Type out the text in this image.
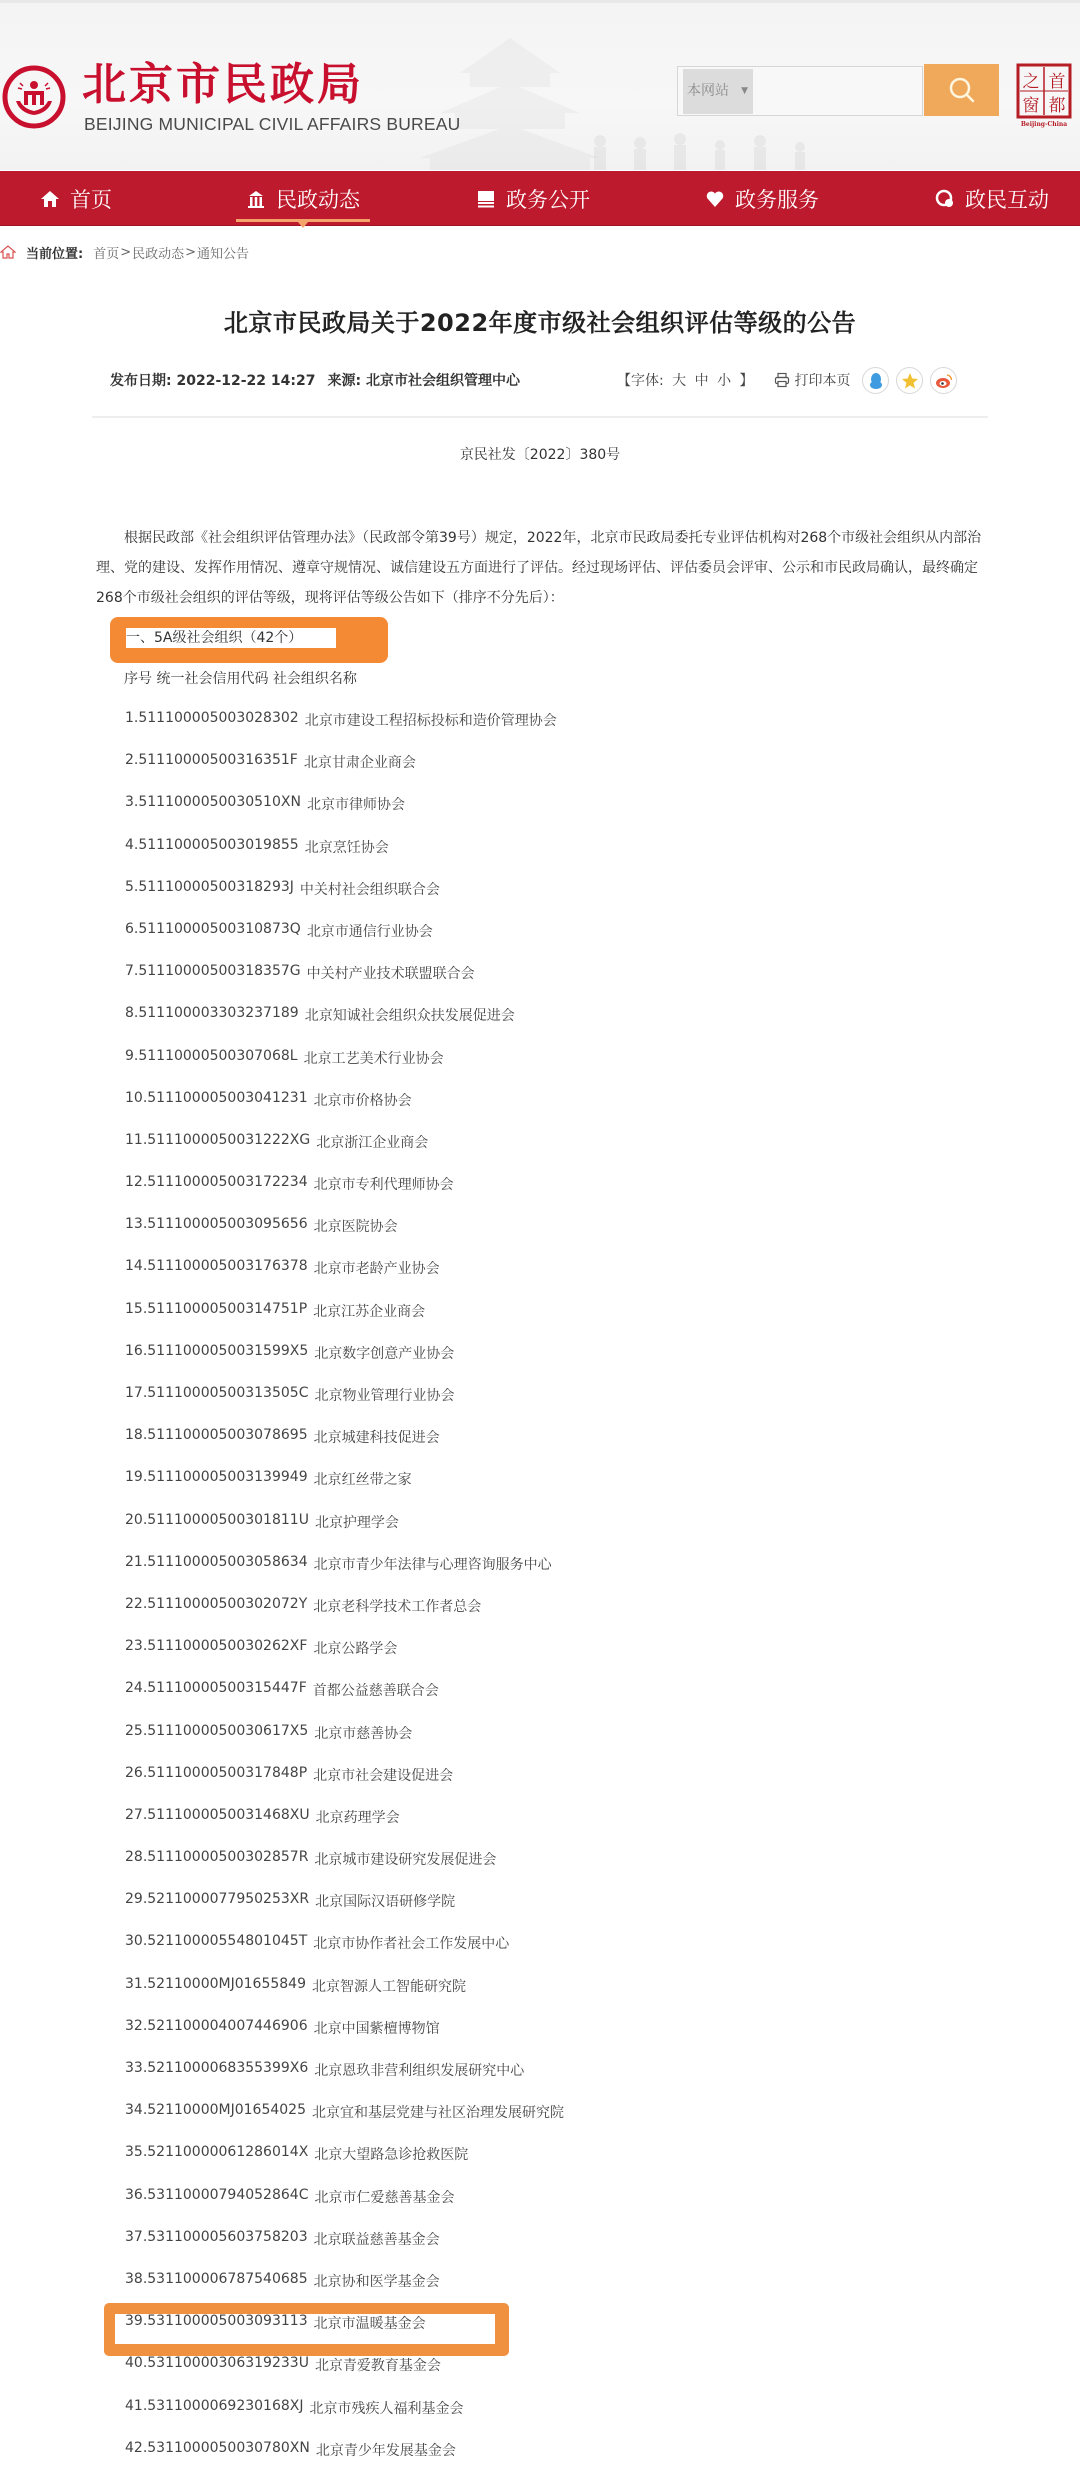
北京市民政局
BEIJING MUNICIPAL CIVIL AFFAIRS BUREAU
本网站 ▼	之 首
窗 都
Beijing-China
首页	民政动态	政务公开	政务服务	政民互动
当前位置: 首页 > 民政动态 > 通知公告
北京市民政局关于2022年度市级社会组织评估等级的公告
发布日期: 2022-12-22 14:27 来源: 北京市社会组织管理中心	【字体: 大 中 小 】	打印本页
京民社发〔2022〕380号

根据民政部《社会组织评估管理办法》（民政部令第39号）规定，2022年，北京市民政局委托专业评估机构对268个市级社会组织从内部治理、党的建设、发挥作用情况、遵章守规情况、诚信建设五方面进行了评估。经过现场评估、评估委员会评审、公示和市民政局确认，最终确定268个市级社会组织的评估等级，现将评估等级公告如下（排序不分先后）：

一、5A级社会组织（42个）
序号 统一社会信用代码 社会组织名称
1. 511100005003028302 北京市建设工程招标投标和造价管理协会
2. 51110000500316351F 北京甘肃企业商会
3. 5111000050030510XN 北京市律师协会
4. 511100005003019855 北京烹饪协会
5. 51110000500318293J 中关村社会组织联合会
6. 51110000500310873Q 北京市通信行业协会
7. 51110000500318357G 中关村产业技术联盟联合会
8. 511100003303237189 北京知诚社会组织众扶发展促进会
9. 51110000500307068L 北京工艺美术行业协会
10. 511100005003041231 北京市价格协会
11. 5111000050031222XG 北京浙江企业商会
12. 511100005003172234 北京市专利代理师协会
13. 511100005003095656 北京医院协会
14. 511100005003176378 北京市老龄产业协会
15. 51110000500314751P 北京江苏企业商会
16. 5111000050031599X5 北京数字创意产业协会
17. 51110000500313505C 北京物业管理行业协会
18. 511100005003078695 北京城建科技促进会
19. 511100005003139949 北京红丝带之家
20. 51110000500301811U 北京护理学会
21. 511100005003058634 北京市青少年法律与心理咨询服务中心
22. 51110000500302072Y 北京老科学技术工作者总会
23. 5111000050030262XF 北京公路学会
24. 51110000500315447F 首都公益慈善联合会
25. 5111000050030617X5 北京市慈善协会
26. 51110000500317848P 北京市社会建设促进会
27. 5111000050031468XU 北京药理学会
28. 51110000500302857R 北京城市建设研究发展促进会
29. 5211000077950253XR 北京国际汉语研修学院
30. 52110000554801045T 北京市协作者社会工作发展中心
31. 52110000MJ01655849 北京智源人工智能研究院
32. 521100004007446906 北京中国紫檀博物馆
33. 5211000068355399X6 北京恩玖非营利组织发展研究中心
34. 52110000MJ01654025 北京宜和基层党建与社区治理发展研究院
35. 52110000061286014X 北京大望路急诊抢救医院
36. 53110000794052864C 北京市仁爱慈善基金会
37. 531100005603758203 北京联益慈善基金会
38. 531100006787540685 北京协和医学基金会
39. 531100005003093113 北京市温暖基金会
40. 53110000306319233U 北京青爱教育基金会
41. 5311000069230168XJ 北京市残疾人福利基金会
42. 5311000050030780XN 北京青少年发展基金会
